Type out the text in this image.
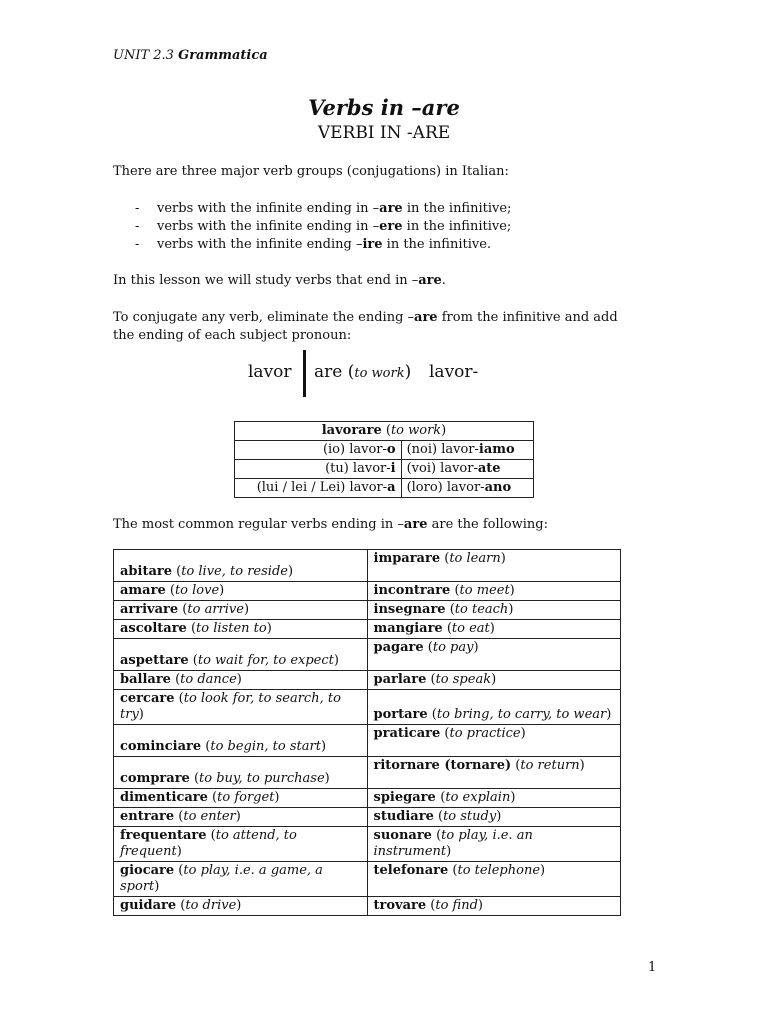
UNIT 2.3 Grammatica
Verbs in –are
VERBI IN -ARE
There are three major verb groups (conjugations) in Italian:
- verbs with the infinite ending in –are in the infinitive;
- verbs with the infinite ending in –ere in the infinitive;
- verbs with the infinite ending –ire in the infinitive.
In this lesson we will study verbs that end in –are.
To conjugate any verb, eliminate the ending –are from the infinitive and add the ending of each subject pronoun:
lavor are (to work) lavor-
lavorare (to work)	
(io) lavor-o	(noi) lavor-iamo
(tu) lavor-i	(voi) lavor-ate
(lui / lei / Lei) lavor-a	(loro) lavor-ano
The most common regular verbs ending in –are are the following:
abitare (to live, to reside)	imparare (to learn)
amare (to love)	incontrare (to meet)
arrivare (to arrive)	insegnare (to teach)
ascoltare (to listen to)	mangiare (to eat)
aspettare (to wait for, to expect)	pagare (to pay)
ballare (to dance)	parlare (to speak)
cercare (to look for, to search, to try)	portare (to bring, to carry, to wear)
cominciare (to begin, to start)	praticare (to practice)
comprare (to buy, to purchase)	ritornare (tornare) (to return)
dimenticare (to forget)	spiegare (to explain)
entrare (to enter)	studiare (to study)
frequentare (to attend, to frequent)	suonare (to play, i.e. an instrument)
giocare (to play, i.e. a game, a sport)	telefonare (to telephone)
guidare (to drive)	trovare (to find)
1
